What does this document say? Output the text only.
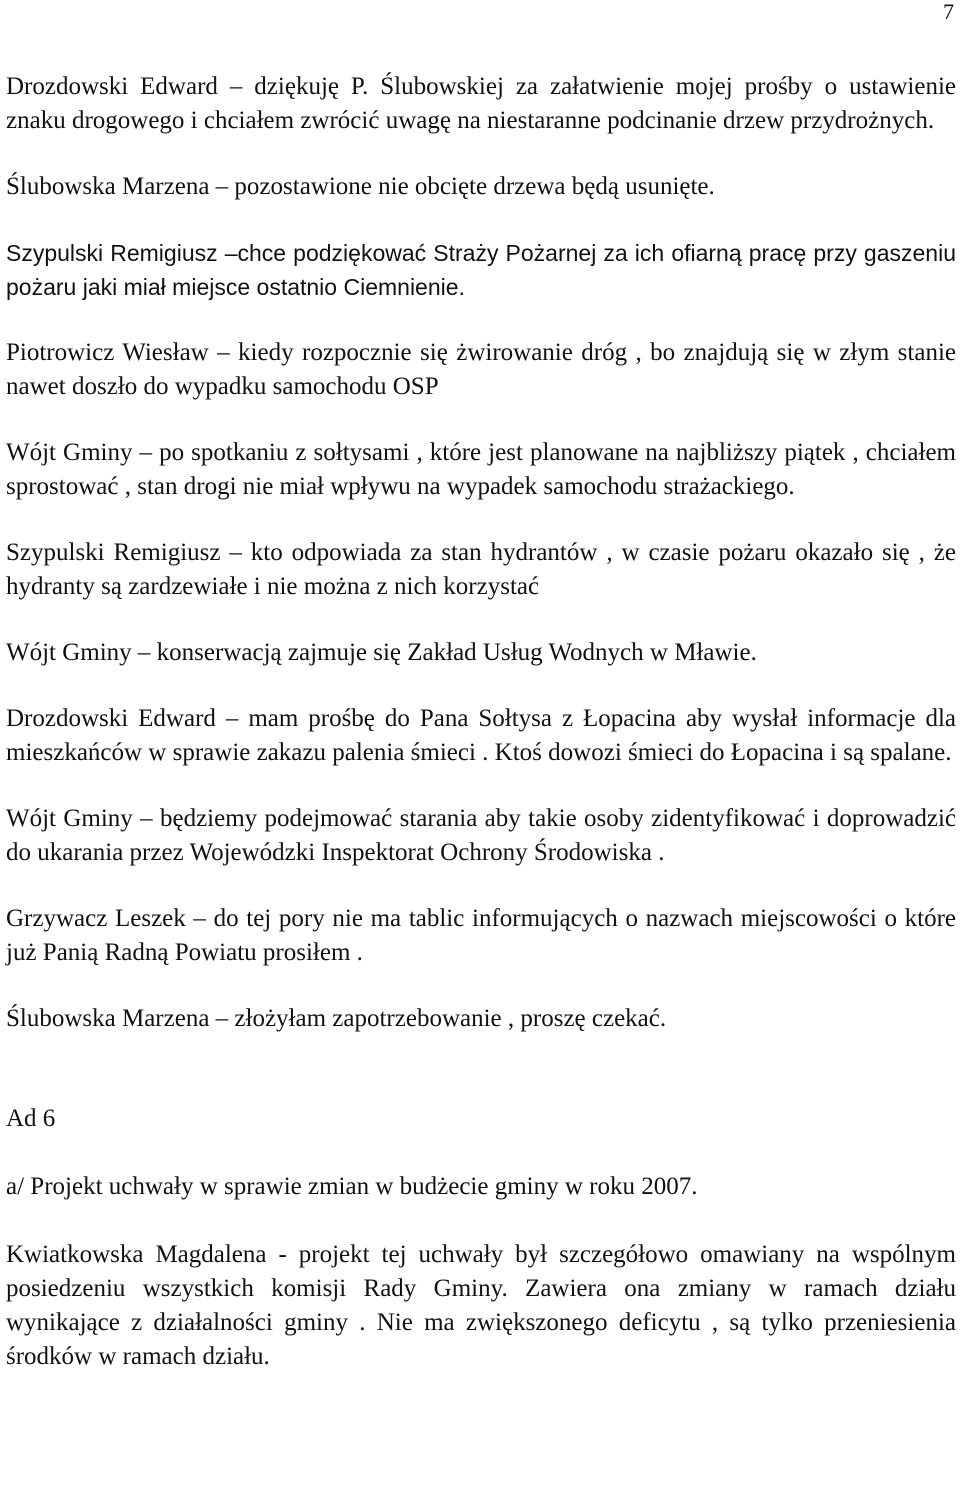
7

Drozdowski Edward – dziękuję P. Ślubowskiej za załatwienie mojej prośby o ustawienie znaku drogowego i chciałem zwrócić uwagę na niestaranne podcinanie drzew przydrożnych.

Ślubowska Marzena – pozostawione nie obcięte drzewa będą usunięte.

Szypulski Remigiusz –chce podziękować Straży Pożarnej za ich ofiarną pracę przy gaszeniu pożaru jaki miał miejsce ostatnio Ciemnienie.

Piotrowicz Wiesław – kiedy rozpocznie się żwirowanie dróg , bo znajdują się w złym stanie nawet doszło do wypadku samochodu OSP

Wójt Gminy – po spotkaniu z sołtysami , które jest planowane na najbliższy piątek , chciałem sprostować , stan drogi nie miał wpływu na wypadek samochodu strażackiego.

Szypulski Remigiusz – kto odpowiada za stan hydrantów , w czasie pożaru okazało się , że hydranty są zardzewiałe i nie można z nich korzystać

Wójt Gminy – konserwacją zajmuje się Zakład Usług Wodnych w Mławie.

Drozdowski Edward – mam prośbę do Pana Sołtysa z Łopacina aby wysłał informacje dla mieszkańców w sprawie zakazu palenia śmieci . Ktoś dowozi śmieci do Łopacina i są spalane.

Wójt Gminy – będziemy podejmować starania aby takie osoby zidentyfikować i doprowadzić do ukarania przez Wojewódzki Inspektorat Ochrony Środowiska .

Grzywacz Leszek – do tej pory nie ma tablic informujących o nazwach miejscowości o które już Panią Radną Powiatu prosiłem .

Ślubowska Marzena – złożyłam zapotrzebowanie , proszę czekać.

Ad 6

a/ Projekt uchwały w sprawie zmian w budżecie gminy w roku 2007.

Kwiatkowska Magdalena - projekt tej uchwały był szczegółowo omawiany na wspólnym posiedzeniu wszystkich komisji Rady Gminy. Zawiera ona zmiany w ramach działu wynikające z działalności gminy . Nie ma zwiększonego deficytu , są tylko przeniesienia środków w ramach działu.
